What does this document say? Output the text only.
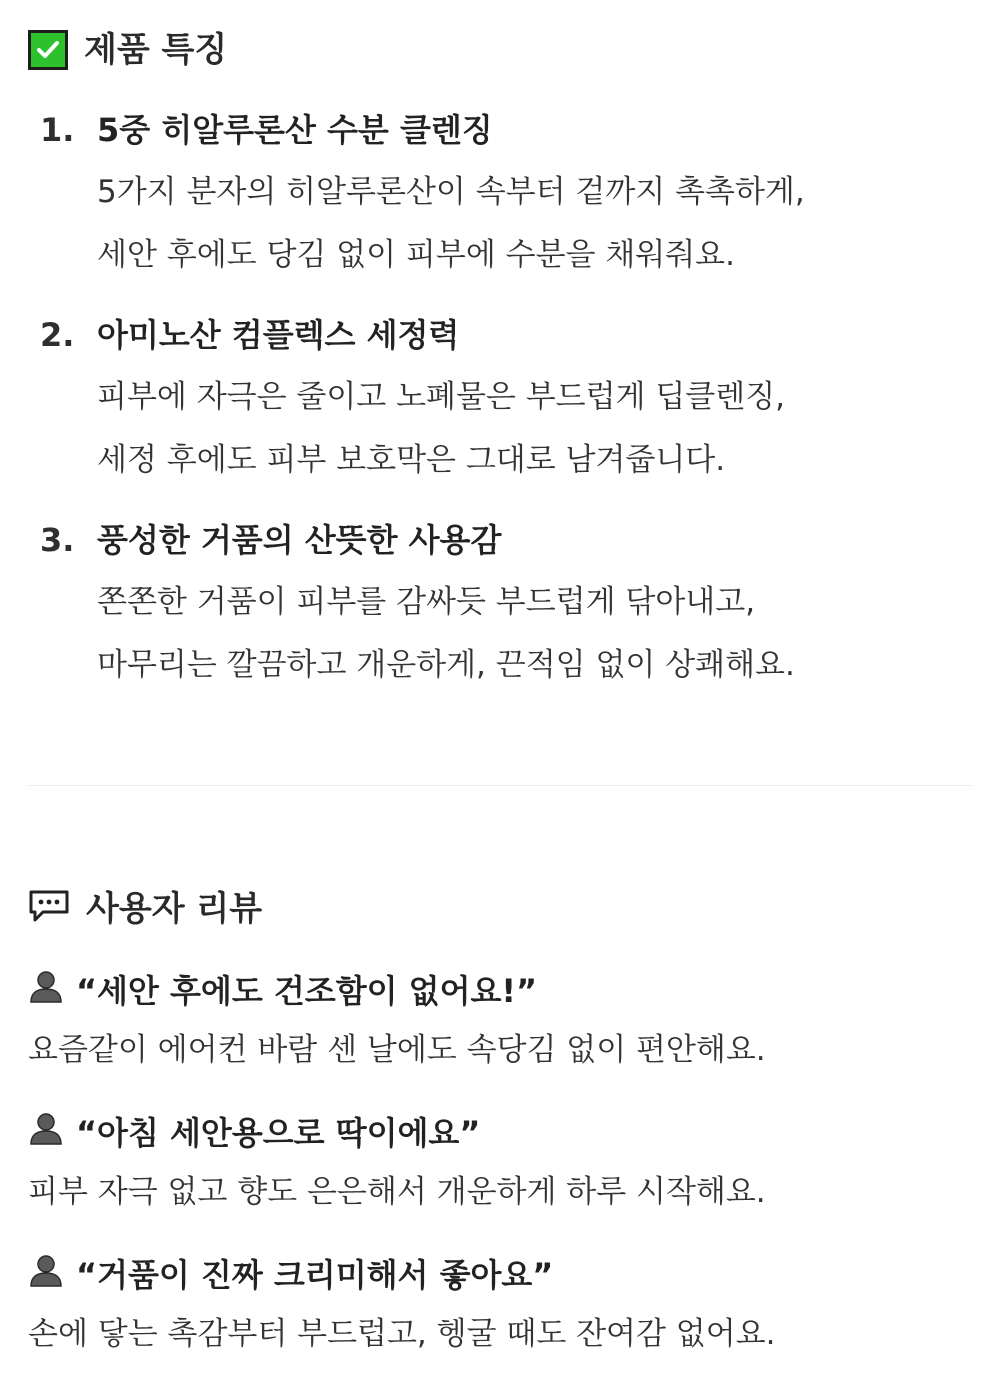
제품 특징
1. 5중 히알루론산 수분 클렌징
5가지 분자의 히알루론산이 속부터 겉까지 촉촉하게,
세안 후에도 당김 없이 피부에 수분을 채워줘요.
2. 아미노산 컴플렉스 세정력
피부에 자극은 줄이고 노폐물은 부드럽게 딥클렌징,
세정 후에도 피부 보호막은 그대로 남겨줍니다.
3. 풍성한 거품의 산뜻한 사용감
쫀쫀한 거품이 피부를 감싸듯 부드럽게 닦아내고,
마무리는 깔끔하고 개운하게, 끈적임 없이 상쾌해요.
사용자 리뷰
“세안 후에도 건조함이 없어요!”
요즘같이 에어컨 바람 센 날에도 속당김 없이 편안해요.
“아침 세안용으로 딱이에요”
피부 자극 없고 향도 은은해서 개운하게 하루 시작해요.
“거품이 진짜 크리미해서 좋아요”
손에 닿는 촉감부터 부드럽고, 헹굴 때도 잔여감 없어요.
